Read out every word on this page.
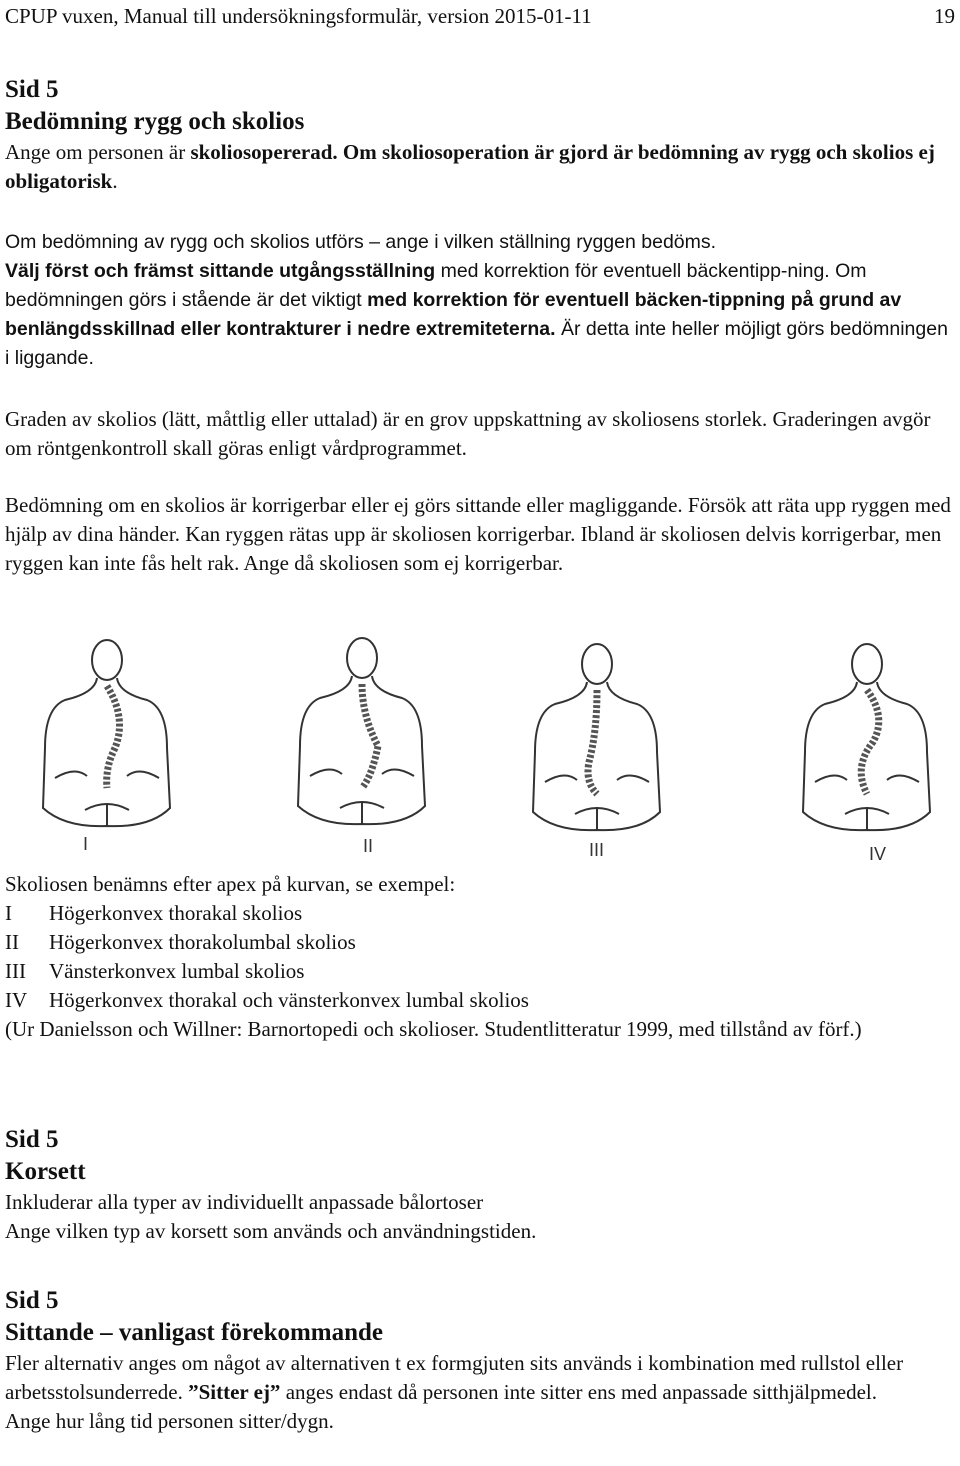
CPUP vuxen, Manual till undersökningsformulär, version 2015-01-11	19
Sid 5
Bedömning rygg och skolios

Ange om personen är skoliosopererad. Om skoliosoperation är gjord är bedömning av rygg och skolios ej obligatorisk.

Om bedömning av rygg och skolios utförs – ange i vilken ställning ryggen bedöms.
Välj först och främst sittande utgångsställning med korrektion för eventuell bäckentipp-ning. Om bedömningen görs i stående är det viktigt med korrektion för eventuell bäcken-tippning på grund av benlängdsskillnad eller kontrakturer i nedre extremiteterna. Är detta inte heller möjligt görs bedömningen i liggande.

Graden av skolios (lätt, måttlig eller uttalad) är en grov uppskattning av skoliosens storlek. Graderingen avgör om röntgenkontroll skall göras enligt vårdprogrammet.

Bedömning om en skolios är korrigerbar eller ej görs sittande eller magliggande. Försök att räta upp ryggen med hjälp av dina händer. Kan ryggen rätas upp är skoliosen korrigerbar. Ibland är skoliosen delvis korrigerbar, men ryggen kan inte fås helt rak. Ange då skoliosen som ej korrigerbar.

I	II	III	IV

Skoliosen benämns efter apex på kurvan, se exempel:

I	Högerkonvex thorakal skolios
II	Högerkonvex thorakolumbal skolios
III	Vänsterkonvex lumbal skolios
IV	Högerkonvex thorakal och vänsterkonvex lumbal skolios

(Ur Danielsson och Willner: Barnortopedi och skolioser. Studentlitteratur 1999, med tillstånd av förf.)

Sid 5
Korsett

Inkluderar alla typer av individuellt anpassade bålortoser

Ange vilken typ av korsett som används och användningstiden.

Sid 5
Sittande – vanligast förekommande

Fler alternativ anges om något av alternativen t ex formgjuten sits används i kombination med rullstol eller arbetsstolsunderrede. ”Sitter ej” anges endast då personen inte sitter ens med anpassade sitthjälpmedel.

Ange hur lång tid personen sitter/dygn.
